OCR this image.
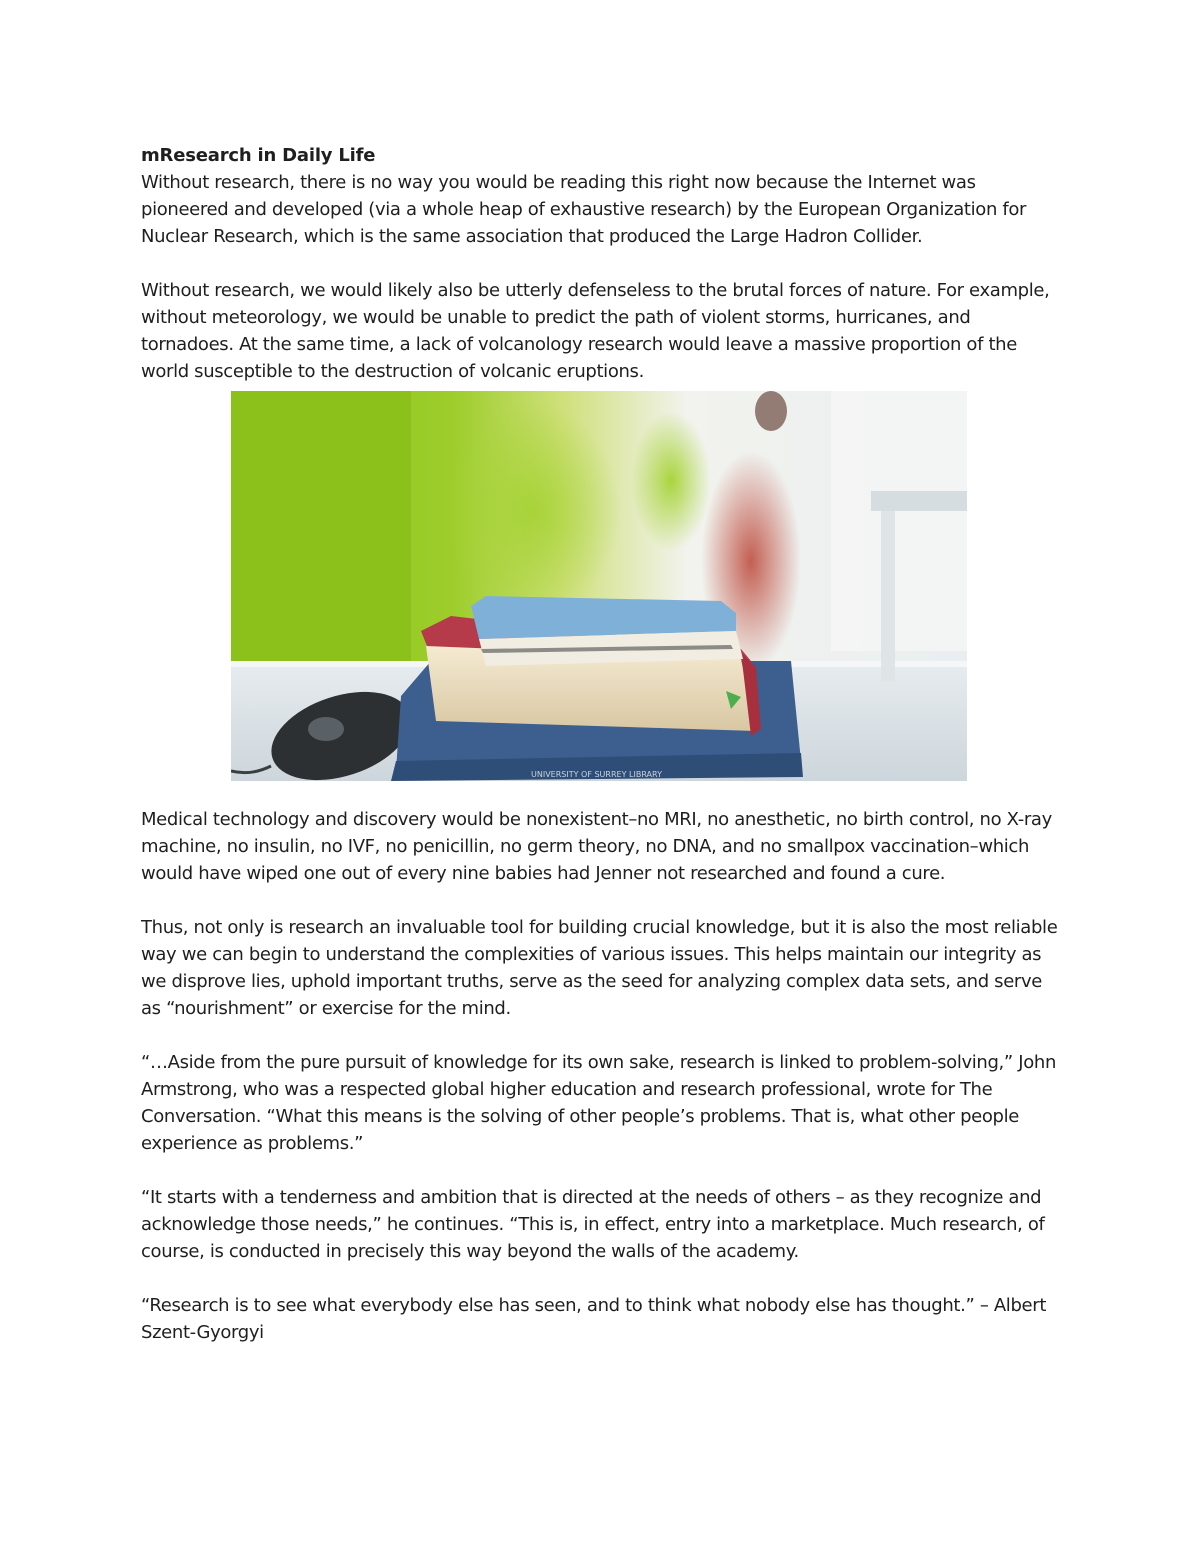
mResearch in Daily Life

Without research, there is no way you would be reading this right now because the Internet was pioneered and developed (via a whole heap of exhaustive research) by the European Organization for Nuclear Research, which is the same association that produced the Large Hadron Collider.

Without research, we would likely also be utterly defenseless to the brutal forces of nature. For example, without meteorology, we would be unable to predict the path of violent storms, hurricanes, and tornadoes. At the same time, a lack of volcanology research would leave a massive proportion of the world susceptible to the destruction of volcanic eruptions.

UNIVERSITY OF SURREY LIBRARY

Medical technology and discovery would be nonexistent–no MRI, no anesthetic, no birth control, no X-ray machine, no insulin, no IVF, no penicillin, no germ theory, no DNA, and no smallpox vaccination–which would have wiped one out of every nine babies had Jenner not researched and found a cure.

Thus, not only is research an invaluable tool for building crucial knowledge, but it is also the most reliable way we can begin to understand the complexities of various issues. This helps maintain our integrity as we disprove lies, uphold important truths, serve as the seed for analyzing complex data sets, and serve as “nourishment” or exercise for the mind.

“…Aside from the pure pursuit of knowledge for its own sake, research is linked to problem-solving,” John Armstrong, who was a respected global higher education and research professional, wrote for The Conversation. “What this means is the solving of other people’s problems. That is, what other people experience as problems.”

“It starts with a tenderness and ambition that is directed at the needs of others – as they recognize and acknowledge those needs,” he continues. “This is, in effect, entry into a marketplace. Much research, of course, is conducted in precisely this way beyond the walls of the academy.

“Research is to see what everybody else has seen, and to think what nobody else has thought.” – Albert Szent-Gyorgyi
